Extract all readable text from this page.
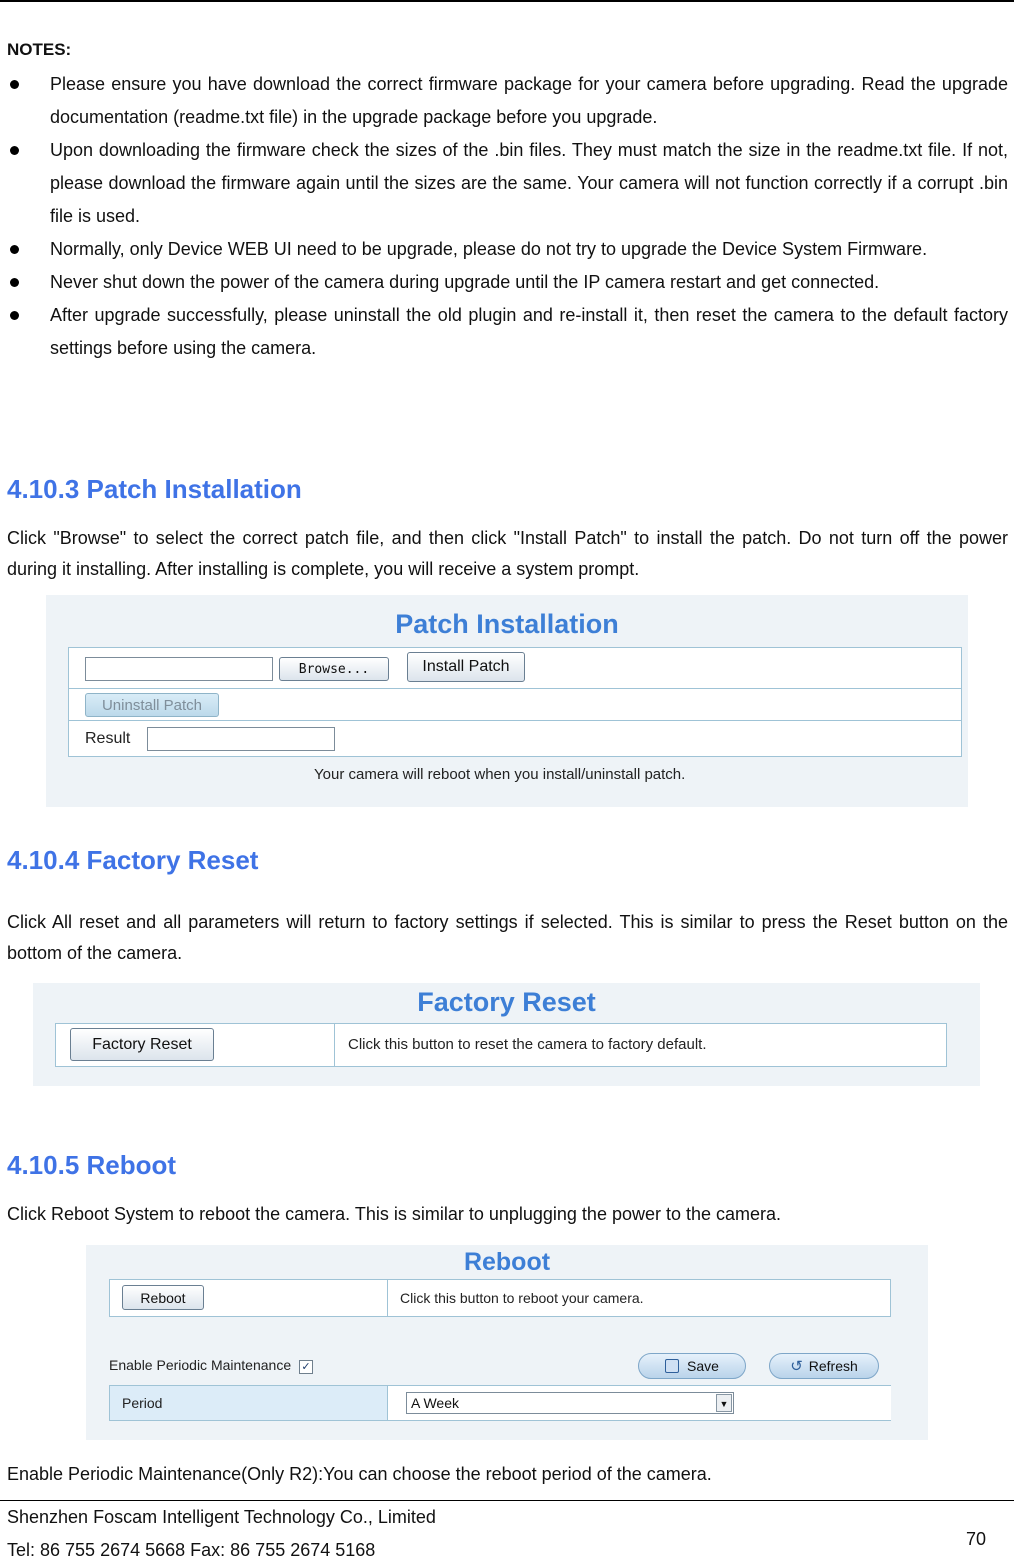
NOTES:
Please ensure you have download the correct firmware package for your camera before upgrading. Read the upgrade documentation (readme.txt file) in the upgrade package before you upgrade.
Upon downloading the firmware check the sizes of the .bin files. They must match the size in the readme.txt file. If not, please download the firmware again until the sizes are the same. Your camera will not function correctly if a corrupt .bin file is used.
Normally, only Device WEB UI need to be upgrade, please do not try to upgrade the Device System Firmware.
Never shut down the power of the camera during upgrade until the IP camera restart and get connected.
After upgrade successfully, please uninstall the old plugin and re-install it, then reset the camera to the default factory settings before using the camera.
4.10.3 Patch Installation
Click "Browse" to select the correct patch file, and then click "Install Patch" to install the patch. Do not turn off the power during it installing. After installing is complete, you will receive a system prompt.
Patch Installation
Browse...	Install Patch
Uninstall Patch
Result
Your camera will reboot when you install/uninstall patch.
4.10.4 Factory Reset
Click All reset and all parameters will return to factory settings if selected. This is similar to press the Reset button on the bottom of the camera.
Factory Reset
Factory Reset	Click this button to reset the camera to factory default.
4.10.5 Reboot
Click Reboot System to reboot the camera. This is similar to unplugging the power to the camera.
Reboot
Reboot	Click this button to reboot your camera.
Enable Periodic Maintenance ✓	Save	↺ Refresh
Period	A Week	▼
Enable Periodic Maintenance(Only R2):You can choose the reboot period of the camera.
Shenzhen Foscam Intelligent Technology Co., Limited
Tel: 86 755 2674 5668 Fax: 86 755 2674 5168
70
